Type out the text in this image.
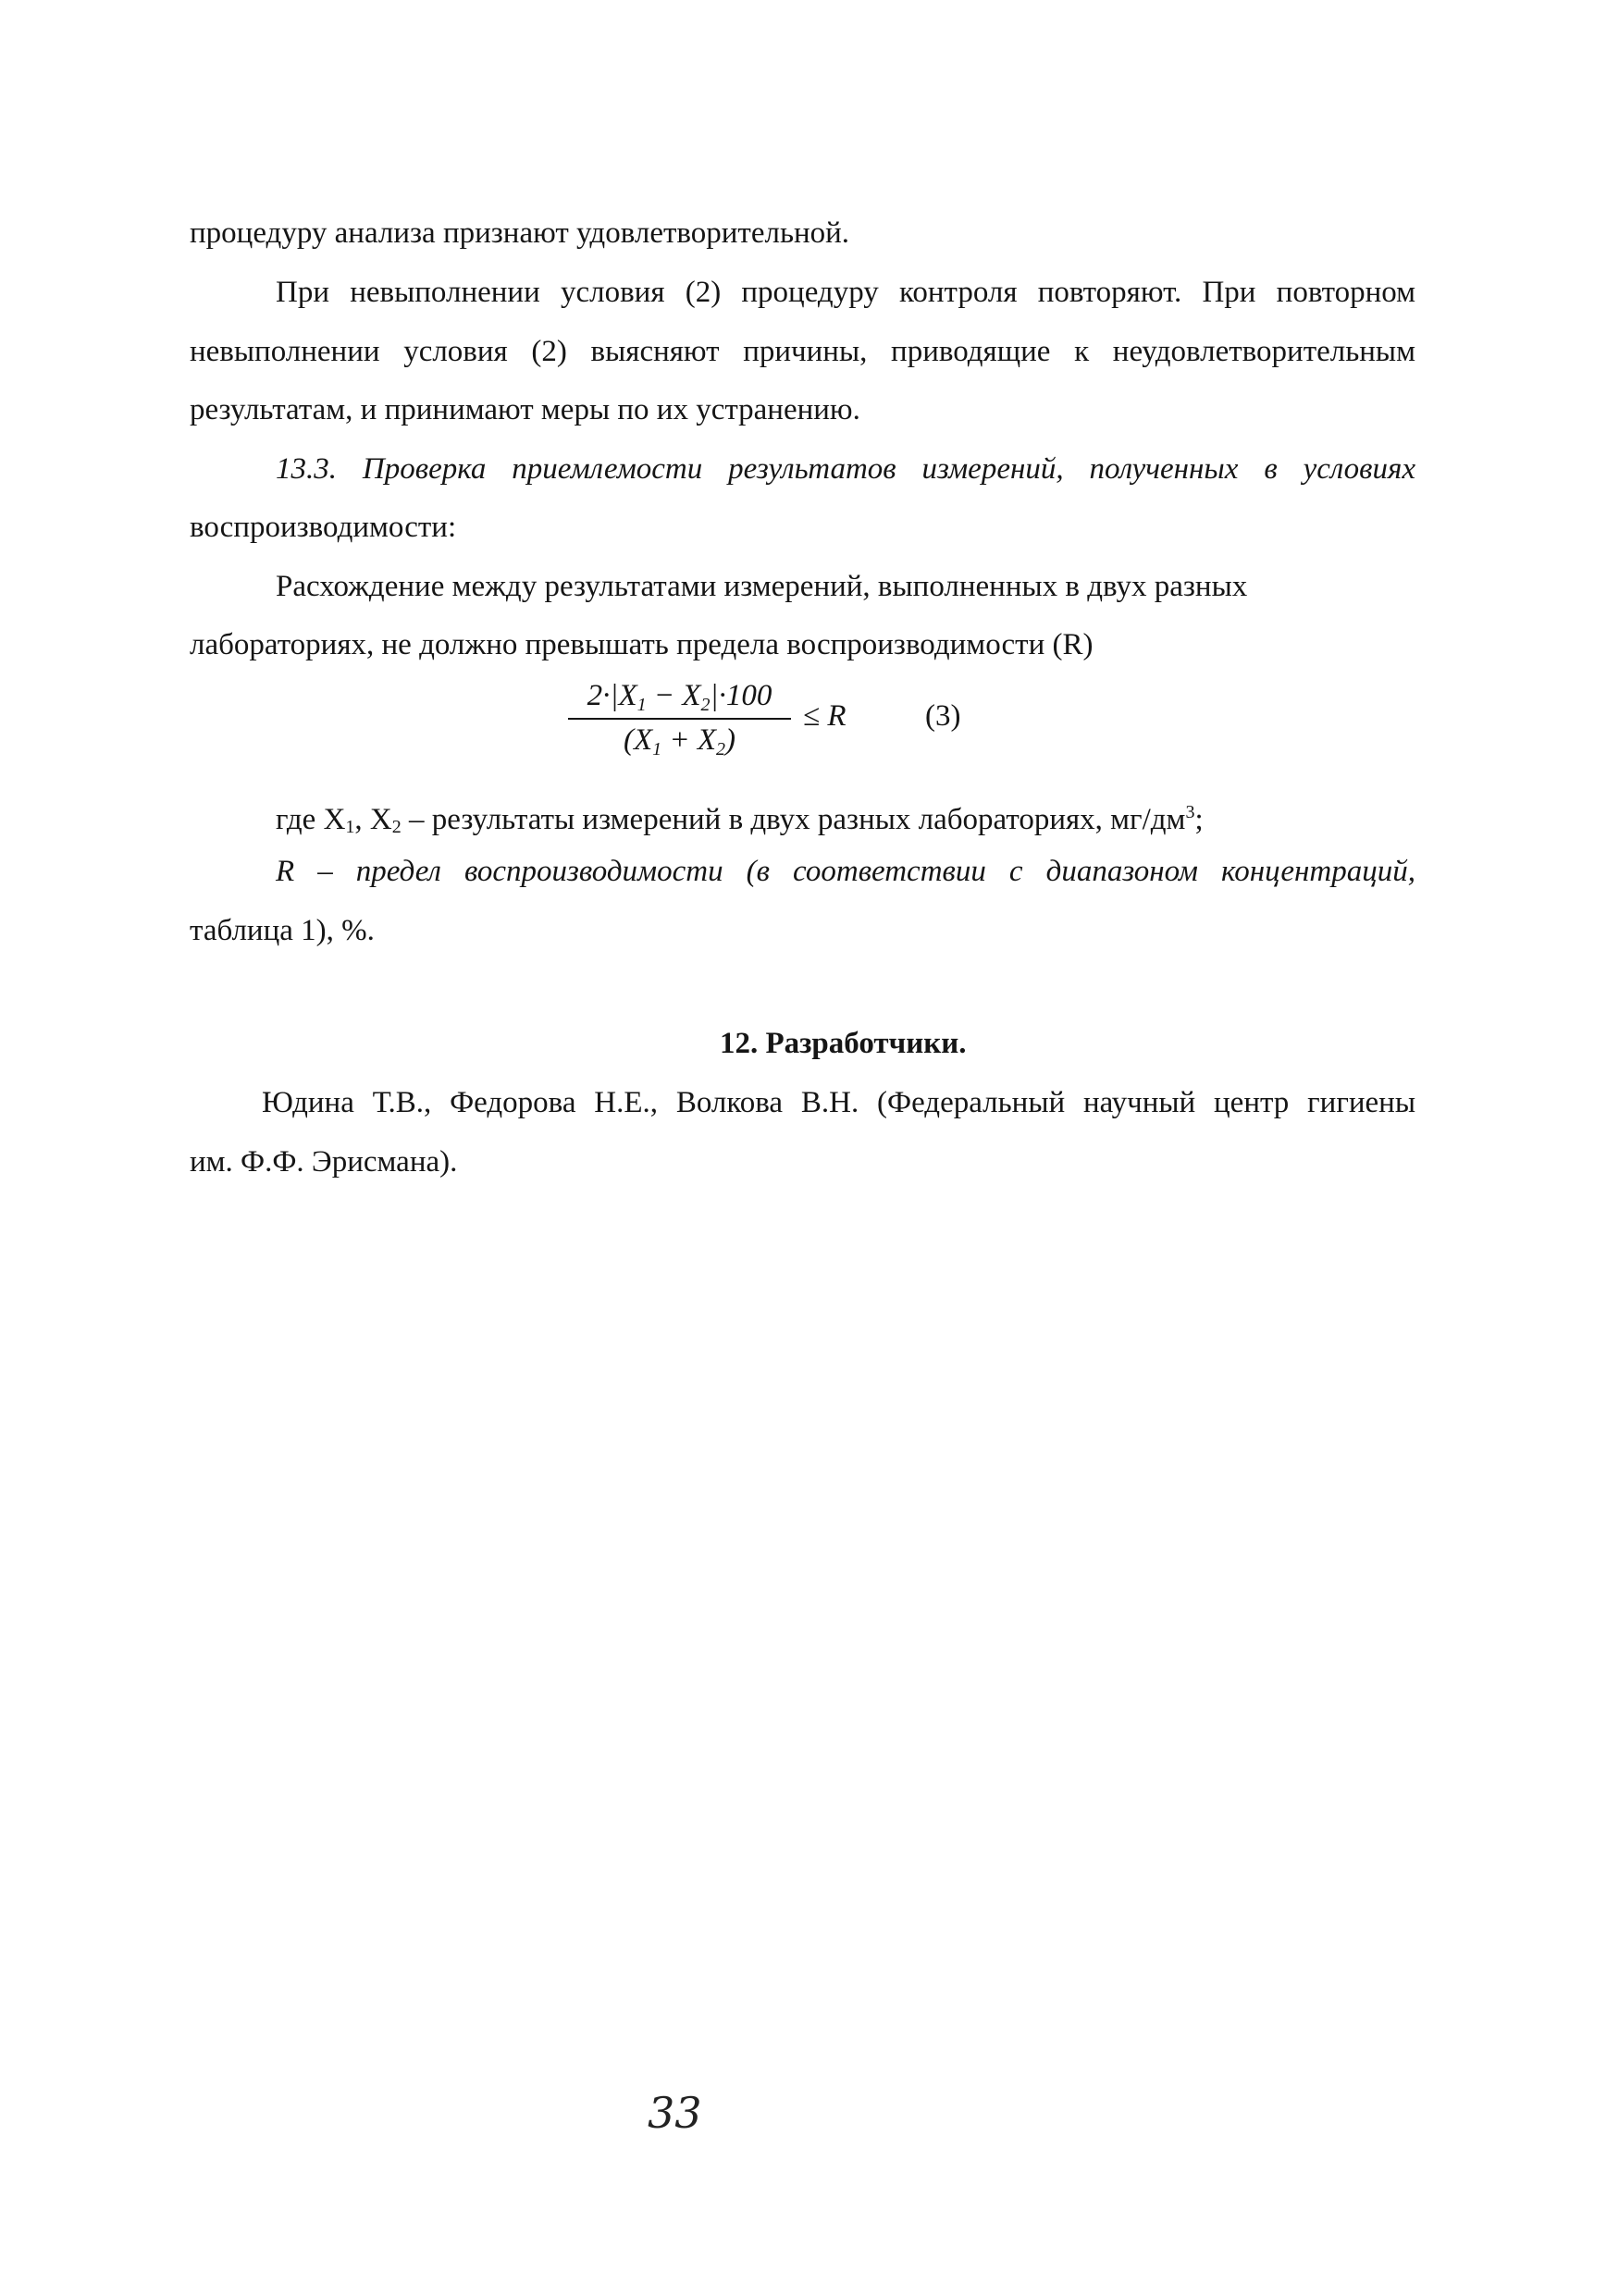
процедуру анализа признают удовлетворительной.
При невыполнении условия (2) процедуру контроля повторяют. При повторном
невыполнении условия (2) выясняют причины, приводящие к неудовлетворительным
результатам, и принимают меры по их устранению.
13.3. Проверка приемлемости результатов измерений, полученных в условиях
воспроизводимости:
Расхождение между результатами измерений, выполненных в двух разных
лабораториях, не должно превышать предела воспроизводимости (R)
$2\cdot|X_1 - X_2|\cdot 100$
$(X_1 + X_2)$
≤ R	(3)
где $X_1$, $X_2$ – результаты измерений в двух разных лабораториях, $мг/дм^3$;
R – предел воспроизводимости (в соответствии с диапазоном концентраций,
таблица 1), %.
12. Разработчики.
Юдина Т.В., Федорова Н.Е., Волкова В.Н. (Федеральный научный центр гигиены
им. Ф.Ф. Эрисмана).
33
